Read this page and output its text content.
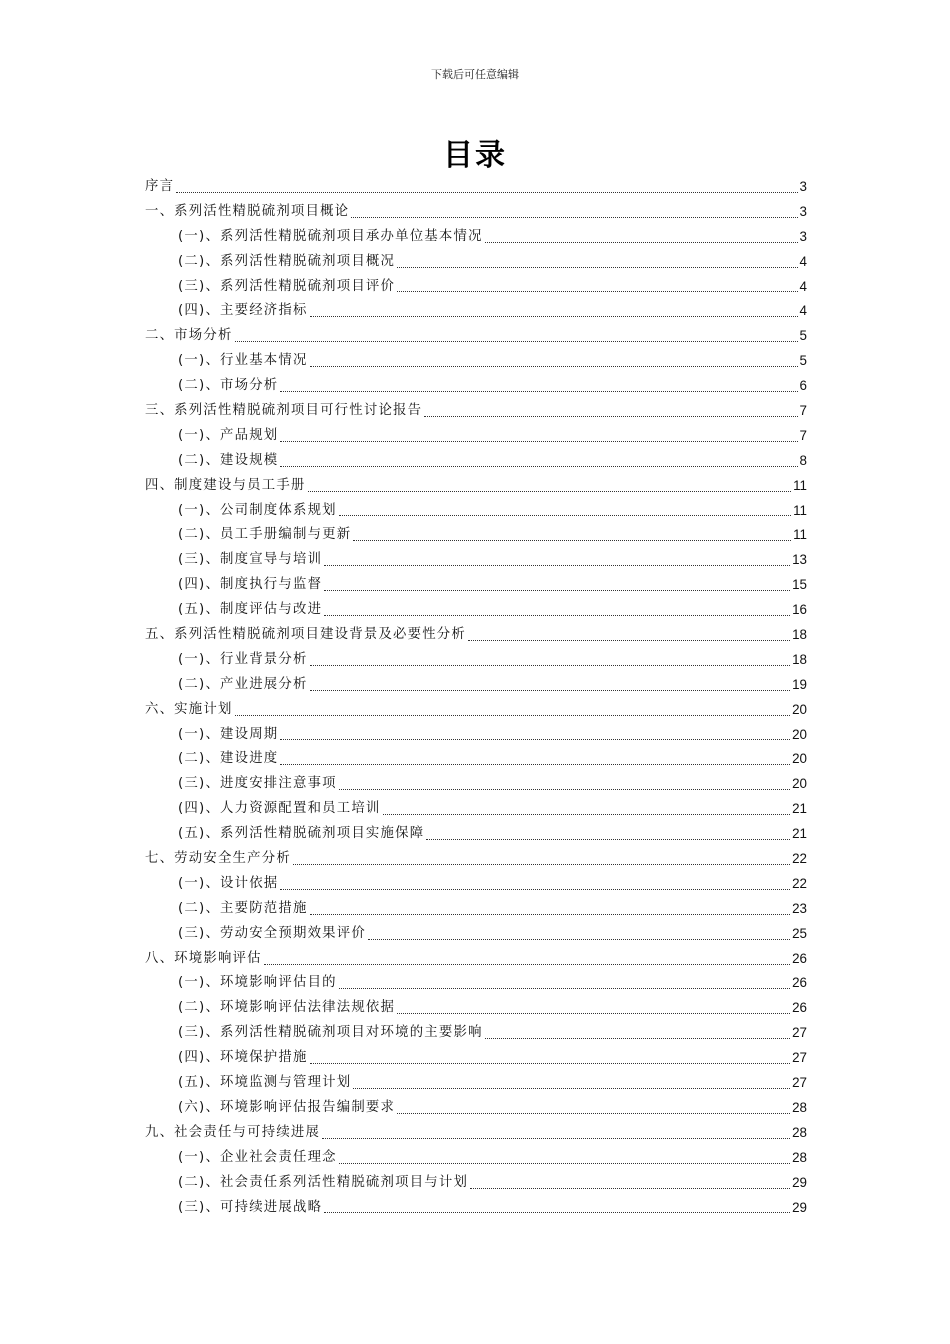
下载后可任意编辑
目录
序言	3
一、系列活性精脱硫剂项目概论	3
(一)、系列活性精脱硫剂项目承办单位基本情况	3
(二)、系列活性精脱硫剂项目概况	4
(三)、系列活性精脱硫剂项目评价	4
(四)、主要经济指标	4
二、市场分析	5
(一)、行业基本情况	5
(二)、市场分析	6
三、系列活性精脱硫剂项目可行性讨论报告	7
(一)、产品规划	7
(二)、建设规模	8
四、制度建设与员工手册	11
(一)、公司制度体系规划	11
(二)、员工手册编制与更新	11
(三)、制度宣导与培训	13
(四)、制度执行与监督	15
(五)、制度评估与改进	16
五、系列活性精脱硫剂项目建设背景及必要性分析	18
(一)、行业背景分析	18
(二)、产业进展分析	19
六、实施计划	20
(一)、建设周期	20
(二)、建设进度	20
(三)、进度安排注意事项	20
(四)、人力资源配置和员工培训	21
(五)、系列活性精脱硫剂项目实施保障	21
七、劳动安全生产分析	22
(一)、设计依据	22
(二)、主要防范措施	23
(三)、劳动安全预期效果评价	25
八、环境影响评估	26
(一)、环境影响评估目的	26
(二)、环境影响评估法律法规依据	26
(三)、系列活性精脱硫剂项目对环境的主要影响	27
(四)、环境保护措施	27
(五)、环境监测与管理计划	27
(六)、环境影响评估报告编制要求	28
九、社会责任与可持续进展	28
(一)、企业社会责任理念	28
(二)、社会责任系列活性精脱硫剂项目与计划	29
(三)、可持续进展战略	29
